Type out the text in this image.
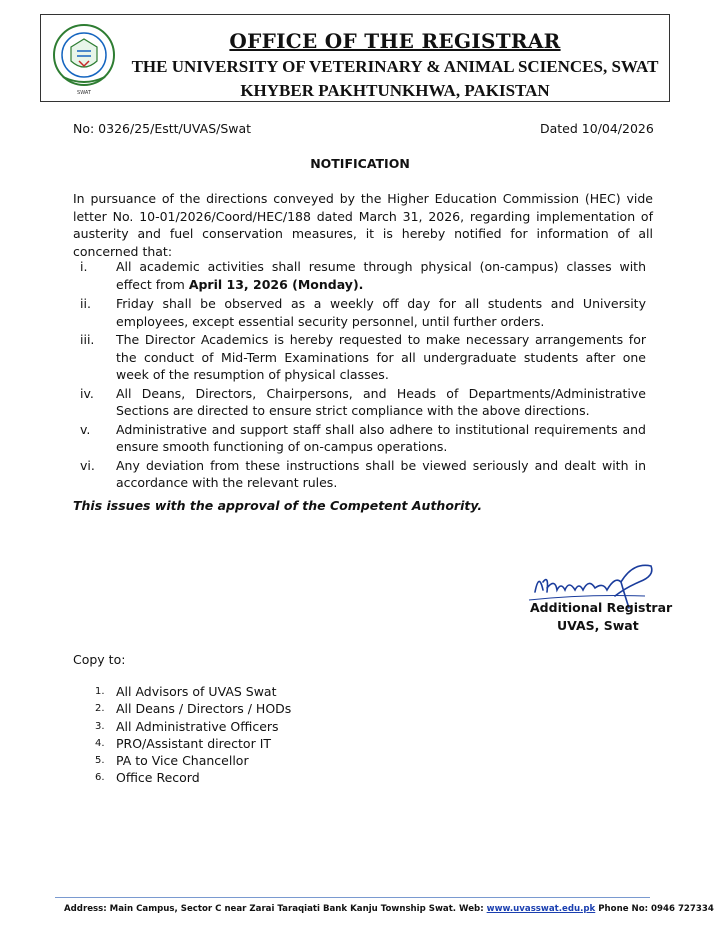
SWAT
OFFICE OF THE REGISTRAR
THE UNIVERSITY OF VETERINARY & ANIMAL SCIENCES, SWAT
KHYBER PAKHTUNKHWA, PAKISTAN
No: 0326/25/Estt/UVAS/Swat	Dated 10/04/2026
NOTIFICATION
In pursuance of the directions conveyed by the Higher Education Commission (HEC) vide letter No. 10-01/2026/Coord/HEC/188 dated March 31, 2026, regarding implementation of austerity and fuel conservation measures, it is hereby notified for information of all concerned that:
i.	All academic activities shall resume through physical (on-campus) classes with effect from April 13, 2026 (Monday).
ii.	Friday shall be observed as a weekly off day for all students and University employees, except essential security personnel, until further orders.
iii.	The Director Academics is hereby requested to make necessary arrangements for the conduct of Mid-Term Examinations for all undergraduate students after one week of the resumption of physical classes.
iv.	All Deans, Directors, Chairpersons, and Heads of Departments/Administrative Sections are directed to ensure strict compliance with the above directions.
v.	Administrative and support staff shall also adhere to institutional requirements and ensure smooth functioning of on-campus operations.
vi.	Any deviation from these instructions shall be viewed seriously and dealt with in accordance with the relevant rules.
This issues with the approval of the Competent Authority.
Additional Registrar
UVAS, Swat
Copy to:
1. All Advisors of UVAS Swat
2. All Deans / Directors / HODs
3. All Administrative Officers
4. PRO/Assistant director IT
5. PA to Vice Chancellor
6. Office Record
Address: Main Campus, Sector C near Zarai Taraqiati Bank Kanju Township Swat. Web: www.uvasswat.edu.pk Phone No: 0946 727334
